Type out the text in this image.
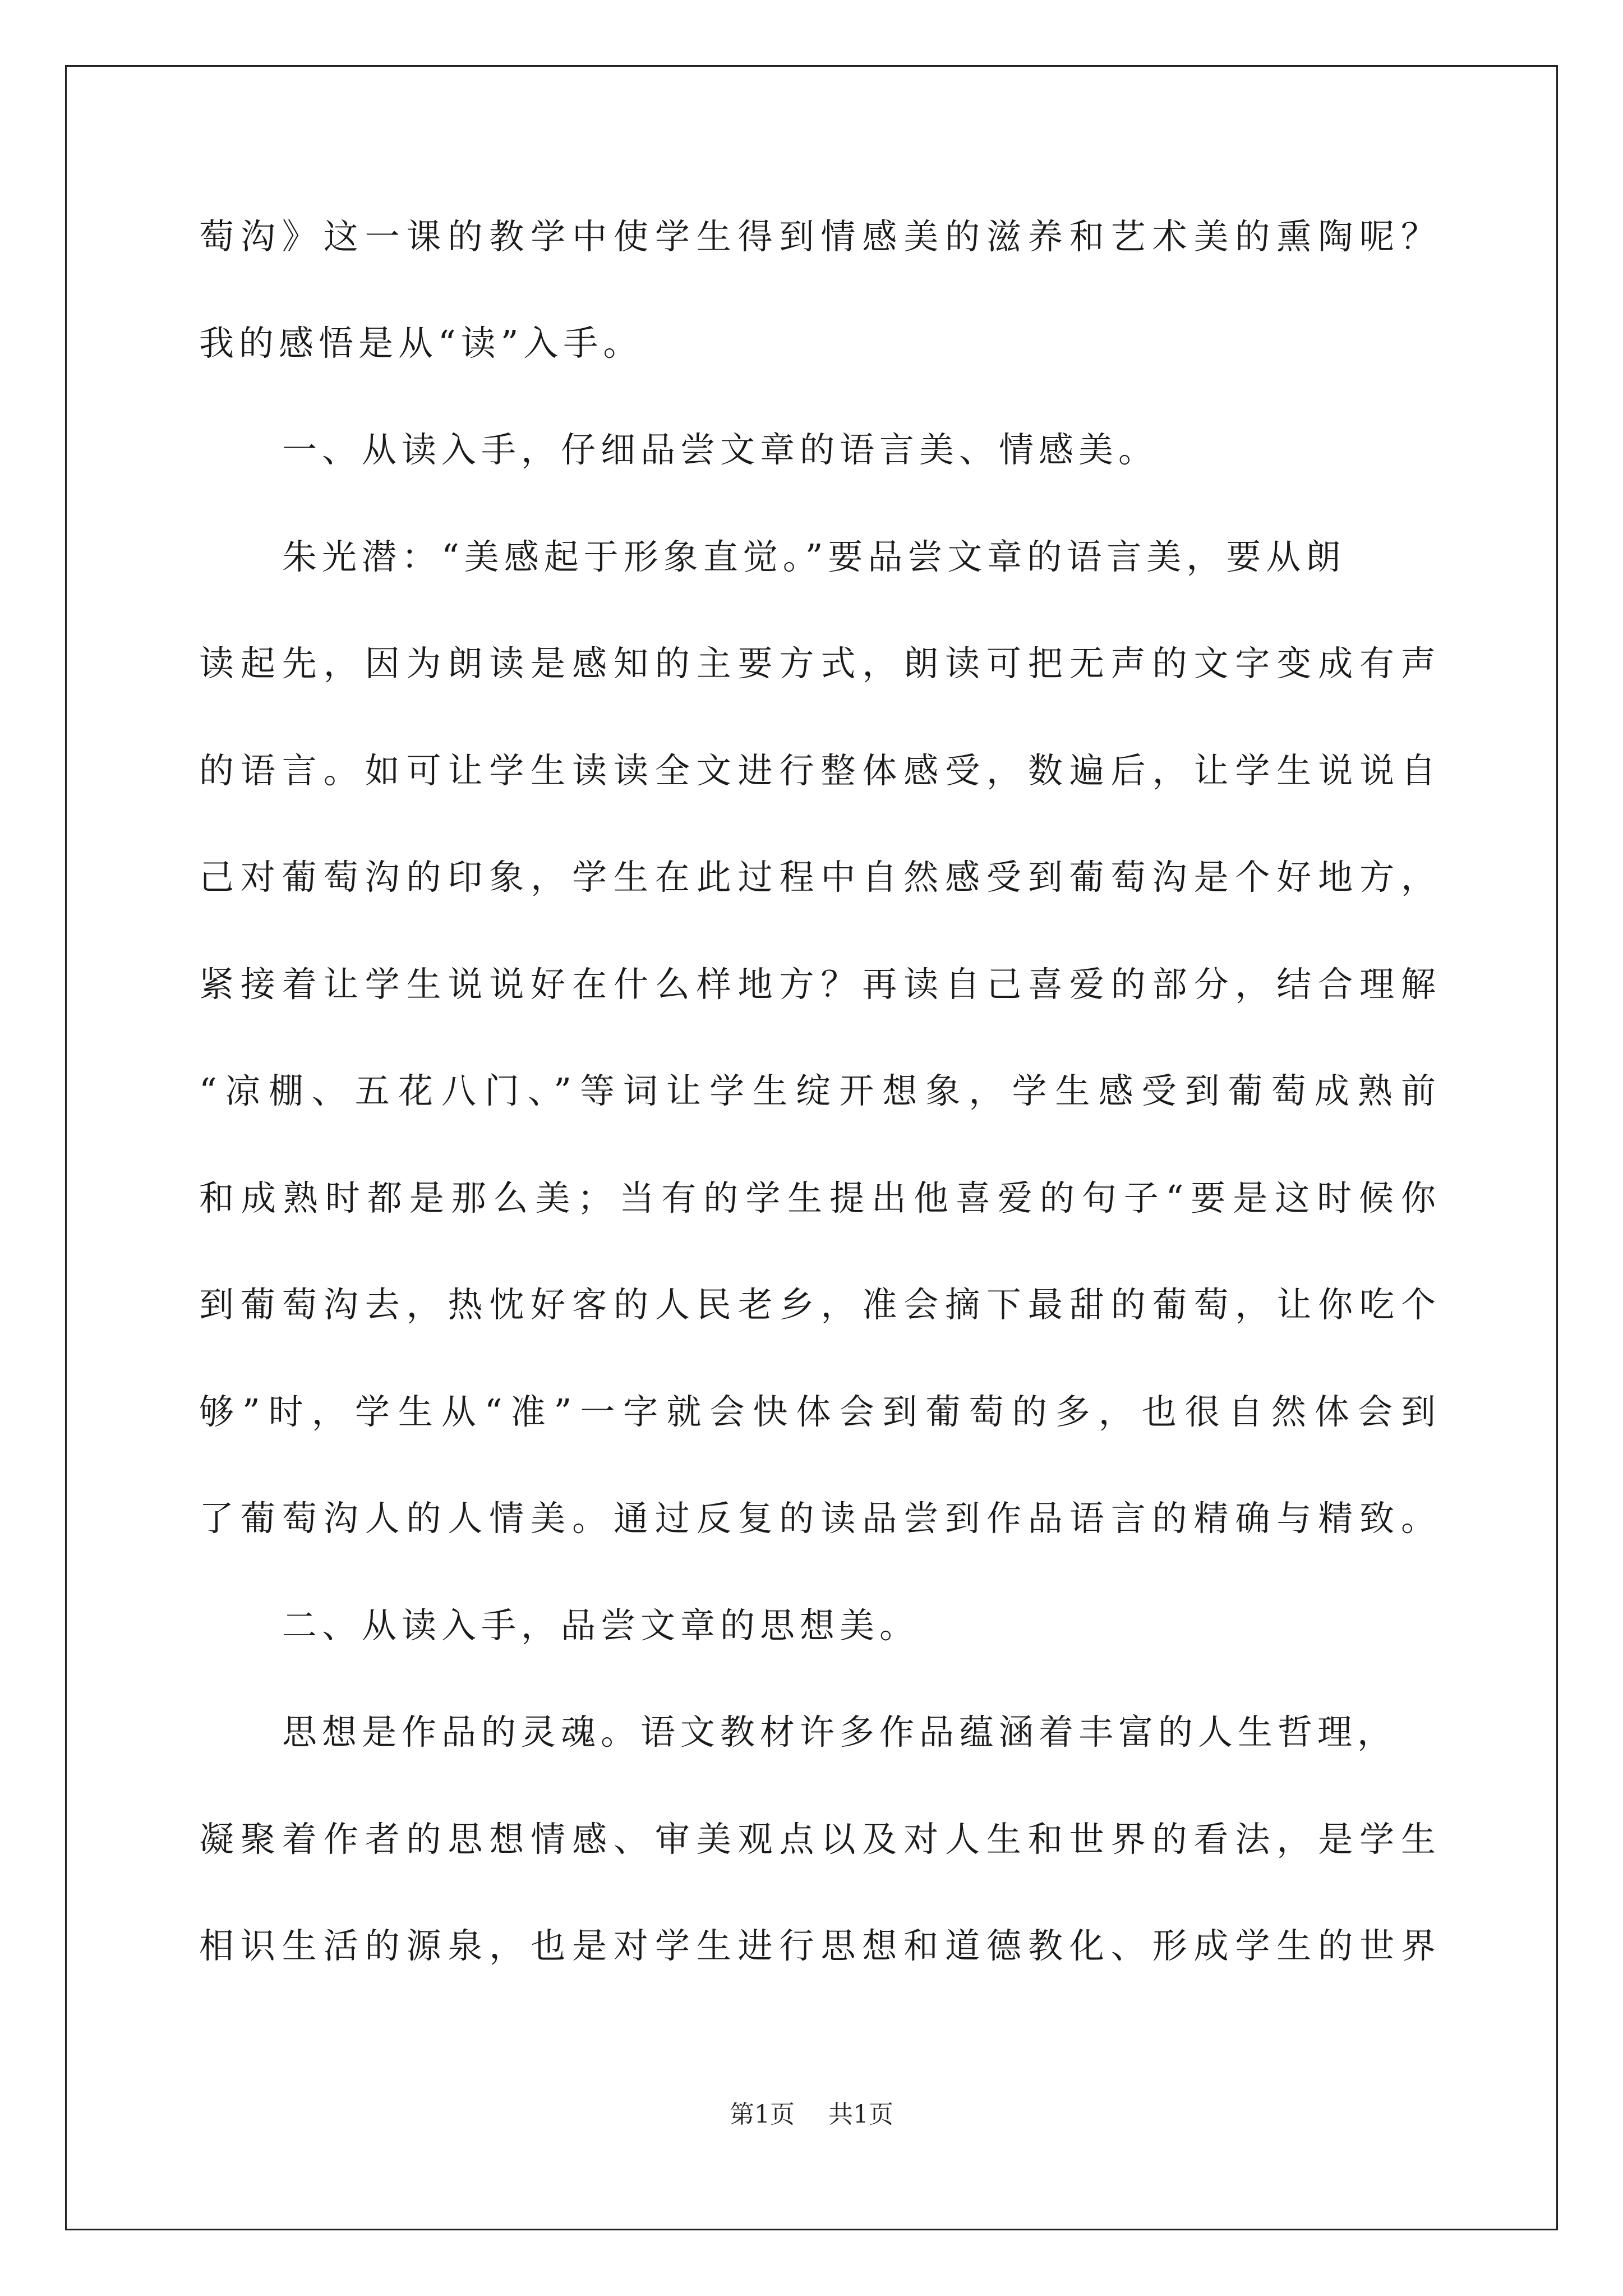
萄沟》这一课的教学中使学生得到情感美的滋养和艺术美的熏陶呢？
我的感悟是从“读”入手。
一、从读入手，仔细品尝文章的语言美、情感美。
朱光潜：“美感起于形象直觉。”要品尝文章的语言美，要从朗
读起先，因为朗读是感知的主要方式，朗读可把无声的文字变成有声
的语言。如可让学生读读全文进行整体感受，数遍后，让学生说说自
己对葡萄沟的印象，学生在此过程中自然感受到葡萄沟是个好地方，
紧接着让学生说说好在什么样地方？再读自己喜爱的部分，结合理解
“凉棚、五花八门、”等词让学生绽开想象，学生感受到葡萄成熟前
和成熟时都是那么美；当有的学生提出他喜爱的句子“要是这时候你
到葡萄沟去，热忱好客的人民老乡，准会摘下最甜的葡萄，让你吃个
够”时，学生从“准”一字就会快体会到葡萄的多，也很自然体会到
了葡萄沟人的人情美。通过反复的读品尝到作品语言的精确与精致。
二、从读入手，品尝文章的思想美。
思想是作品的灵魂。语文教材许多作品蕴涵着丰富的人生哲理，
凝聚着作者的思想情感、审美观点以及对人生和世界的看法，是学生
相识生活的源泉，也是对学生进行思想和道德教化、形成学生的世界
第1页 共1页
